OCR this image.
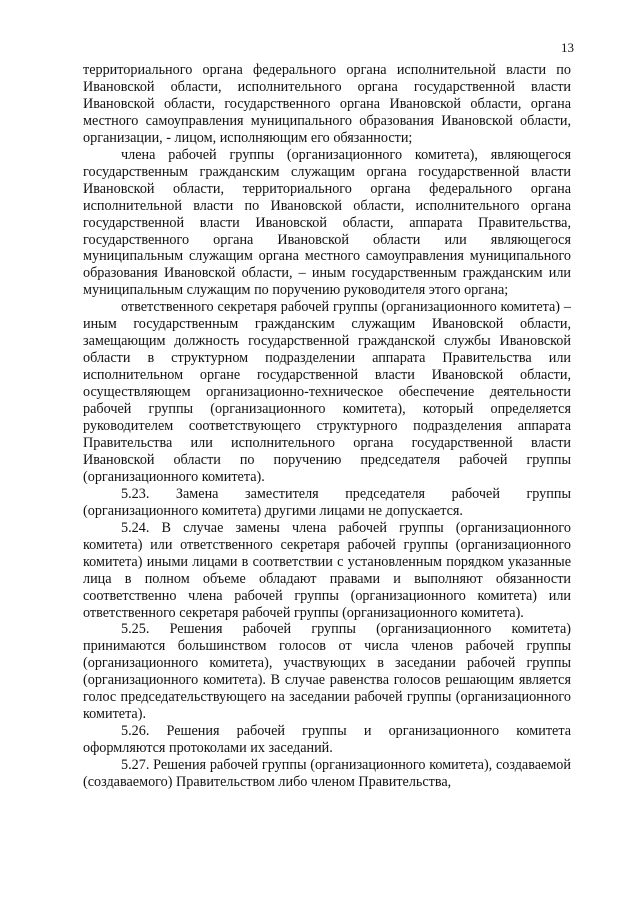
13

территориального органа федерального органа исполнительной власти по Ивановской области, исполнительного органа государственной власти Ивановской области, государственного органа Ивановской области, органа местного самоуправления муниципального образования Ивановской области, организации, - лицом, исполняющим его обязанности;

члена рабочей группы (организационного комитета), являющегося государственным гражданским служащим органа государственной власти Ивановской области, территориального органа федерального органа исполнительной власти по Ивановской области, исполнительного органа государственной власти Ивановской области, аппарата Правительства, государственного органа Ивановской области или являющегося муниципальным служащим органа местного самоуправления муниципального образования Ивановской области, – иным государственным гражданским или муниципальным служащим по поручению руководителя этого органа;

ответственного секретаря рабочей группы (организационного комитета) – иным государственным гражданским служащим Ивановской области, замещающим должность государственной гражданской службы Ивановской области в структурном подразделении аппарата Правительства или исполнительном органе государственной власти Ивановской области, осуществляющем организационно-техническое обеспечение деятельности рабочей группы (организационного комитета), который определяется руководителем соответствующего структурного подразделения аппарата Правительства или исполнительного органа государственной власти Ивановской области по поручению председателя рабочей группы (организационного комитета).

5.23. Замена заместителя председателя рабочей группы (организационного комитета) другими лицами не допускается.

5.24. В случае замены члена рабочей группы (организационного комитета) или ответственного секретаря рабочей группы (организационного комитета) иными лицами в соответствии с установленным порядком указанные лица в полном объеме обладают правами и выполняют обязанности соответственно члена рабочей группы (организационного комитета) или ответственного секретаря рабочей группы (организационного комитета).

5.25. Решения рабочей группы (организационного комитета) принимаются большинством голосов от числа членов рабочей группы (организационного комитета), участвующих в заседании рабочей группы (организационного комитета). В случае равенства голосов решающим является голос председательствующего на заседании рабочей группы (организационного комитета).

5.26. Решения рабочей группы и организационного комитета оформляются протоколами их заседаний.

5.27. Решения рабочей группы (организационного комитета), создаваемой (создаваемого) Правительством либо членом Правительства,
